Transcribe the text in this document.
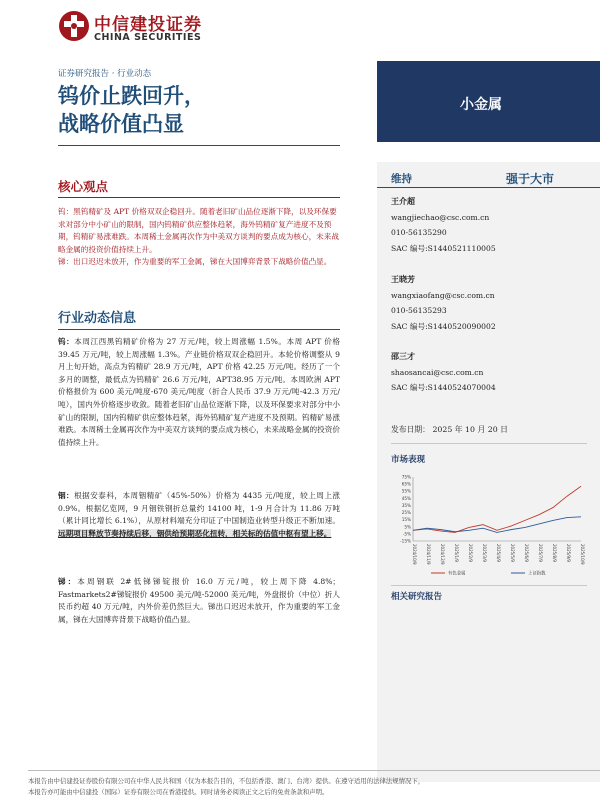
中信建投证券
CHINA SECURITIES
证券研究报告 · 行业动态
钨价止跌回升，
战略价值凸显
小金属
核心观点

钨：黑钨精矿及 APT 价格双双企稳回升。随着老旧矿山品位逐渐下降，以及环保要求对部分中小矿山的限制，国内钨精矿供应整体趋紧，海外钨精矿复产进度不及预期，钨精矿易涨难跌。本周稀土金属再次作为中美双方谈判的要点成为核心，未来战略金属的投资价值持续上升。

锑：出口迟迟未放开，作为重要的军工金属，锑在大国博弈背景下战略价值凸显。

行业动态信息
钨：本周江西黑钨精矿价格为 27 万元/吨，较上周涨幅 1.5%。本周 APT 价格 39.45 万元/吨，较上周涨幅 1.3%。产业链价格双双企稳回升。本轮价格调整从 9 月上旬开始，高点为钨精矿 28.9 万元/吨，APT 价格 42.25 万元/吨。经历了一个多月的调整，最低点为钨精矿 26.6 万元/吨，APT38.95 万元/吨。本周欧洲 APT 价格报价为 600 美元/吨度-670 美元/吨度（折合人民币 37.9 万元/吨-42.3 万元/吨），国内外价格逐步收敛。随着老旧矿山品位逐渐下降，以及环保要求对部分中小矿山的限制，国内钨精矿供应整体趋紧，海外钨精矿复产进度不及预期。钨精矿易涨难跌。本周稀土金属再次作为中美双方谈判的要点成为核心，未来战略金属的投资价值持续上升。
铟：根据安泰科，本周铟精矿（45%-50%）价格为 4435 元/吨度，较上周上涨 0.9%。根据亿览网，9 月铟铁钢折总量约 14100 吨，1-9 月合计为 11.86 万吨（累计同比增长 6.1%），从原材料端充分印证了中国制造业转型升级正不断加速。远期项目释放节奏持续后移，铟供给预期恶化扭转，相关标的估值中枢有望上移。
锑：本周钢联 2#低锑锑锭报价 16.0 万元/吨，较上周下降 4.8%；Fastmarkets2#锑锭报价 49500 美元/吨-52000 美元/吨，外盘报价（中位）折人民币约超 40 万元/吨，内外价差仍然巨大。锑出口迟迟未放开，作为重要的军工金属，锑在大国博弈背景下战略价值凸显。
维持	强于大市
王介超
wangjiechao@csc.com.cn
010-56135290
SAC 编号:S1440521110005
王晓芳
wangxiaofang@csc.com.cn
010-56135293
SAC 编号:S1440520090002
邵三才
shaosancai@csc.com.cn
SAC 编号:S1440524070004
发布日期： 2025 年 10 月 20 日
市场表现
75%
65%
55%
45%
35%
25%
15%
5%
-5%
-15%
2024/10/9 2024/11/9 2024/12/9 2025/1/9 2025/2/9 2025/3/9 2025/4/9 2025/5/9 2025/6/9 2025/7/9 2025/8/9 2025/9/9 2025/10/9
有色金属	上证指数
相关研究报告
本报告由中信建投证券股份有限公司在中华人民共和国（仅为本报告目的，不包括香港、澳门、台湾）提供。在遵守适用的法律法规情况下，
本报告亦可能由中信建投（国际）证券有限公司在香港提供。同时请务必阅读正文之后的免责条款和声明。
